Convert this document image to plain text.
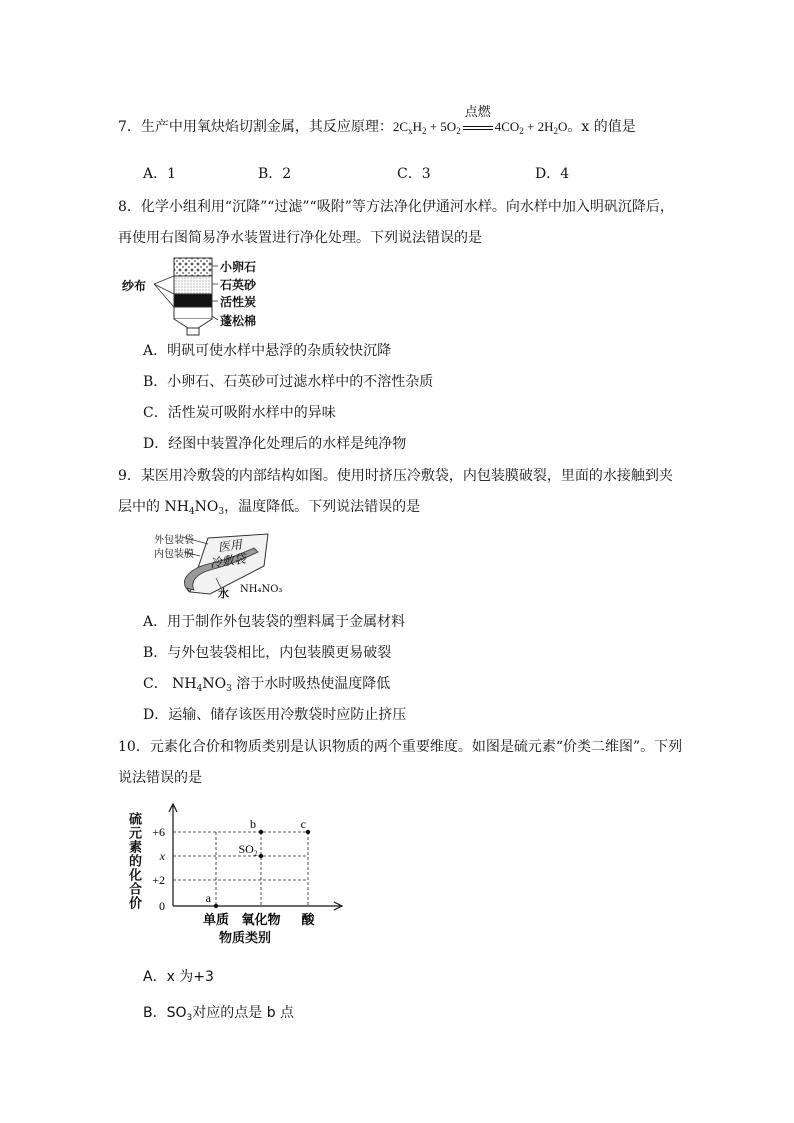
7．生产中用氧炔焰切割金属，其反应原理：$2C_xH_2 + 5O_2$
点燃
$4CO_2 + 2H_2O$。x 的值是
A．1	B．2	C．3	D．4
8．化学小组利用“沉降”“过滤”“吸附”等方法净化伊通河水样。向水样中加入明矾沉降后，
再使用右图简易净水装置进行净化处理。下列说法错误的是
纱布
小卵石
石英砂
活性炭
蓬松棉
A．明矾可使水样中悬浮的杂质较快沉降
B．小卵石、石英砂可过滤水样中的不溶性杂质
C．活性炭可吸附水样中的异味
D．经图中装置净化处理后的水样是纯净物
9．某医用冷敷袋的内部结构如图。使用时挤压冷敷袋，内包装膜破裂，里面的水接触到夹
层中的 $NH_4NO_3$，温度降低。下列说法错误的是
外包装袋
内包装膜 医用
冷敷袋
NH₄NO₃
水
A．用于制作外包装袋的塑料属于金属材料
B．与外包装袋相比，内包装膜更易破裂
C． $NH_4NO_3$ 溶于水时吸热使温度降低
D．运输、储存该医用冷敷袋时应防止挤压
10．元素化合价和物质类别是认识物质的两个重要维度。如图是硫元素“价类二维图”。下列
说法错误的是
0
+2
x
+6
单质 氧化物 酸
a
SO₂
b	c
硫元素的化合价
物质类别
A．x 为+3
B．$SO_3$对应的点是 b 点
